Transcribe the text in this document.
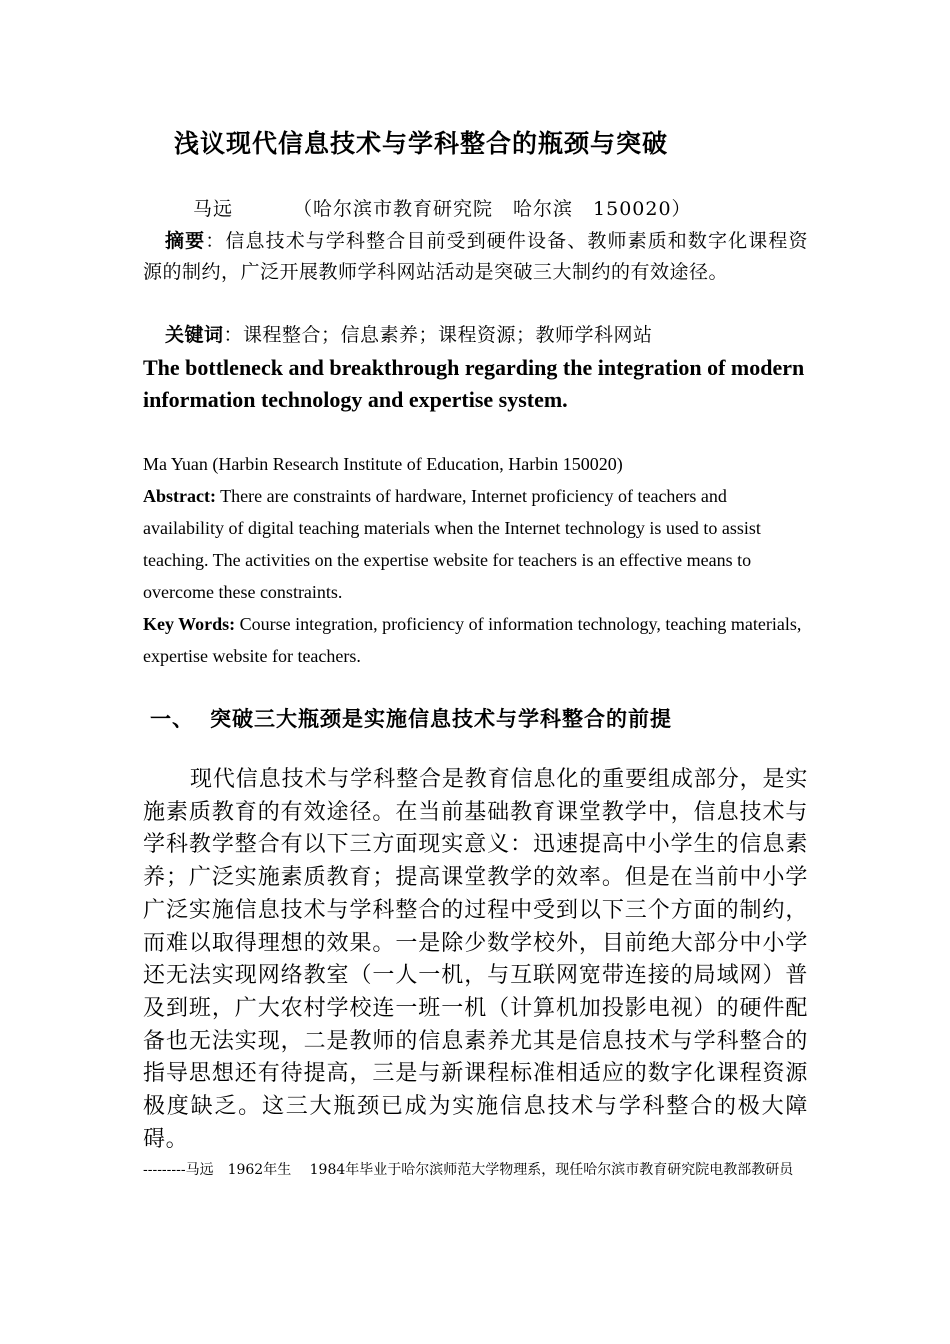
浅议现代信息技术与学科整合的瓶颈与突破
马远	（哈尔滨市教育研究院　哈尔滨　150020）
摘要：信息技术与学科整合目前受到硬件设备、教师素质和数字化课程资源的制约，广泛开展教师学科网站活动是突破三大制约的有效途径。
关键词：课程整合；信息素养；课程资源；教师学科网站
The bottleneck and breakthrough regarding the integration of modern information technology and expertise system.
Ma Yuan (Harbin Research Institute of Education, Harbin 150020)
Abstract: There are constraints of hardware, Internet proficiency of teachers and availability of digital teaching materials when the Internet technology is used to assist teaching. The activities on the expertise website for teachers is an effective means to overcome these constraints.
Key Words: Course integration, proficiency of information technology, teaching materials, expertise website for teachers.
一、 突破三大瓶颈是实施信息技术与学科整合的前提
现代信息技术与学科整合是教育信息化的重要组成部分，是实施素质教育的有效途径。在当前基础教育课堂教学中，信息技术与学科教学整合有以下三方面现实意义：迅速提高中小学生的信息素养；广泛实施素质教育；提高课堂教学的效率。但是在当前中小学广泛实施信息技术与学科整合的过程中受到以下三个方面的制约，而难以取得理想的效果。一是除少数学校外，目前绝大部分中小学还无法实现网络教室（一人一机，与互联网宽带连接的局域网）普及到班，广大农村学校连一班一机（计算机加投影电视）的硬件配备也无法实现，二是教师的信息素养尤其是信息技术与学科整合的指导思想还有待提高，三是与新课程标准相适应的数字化课程资源极度缺乏。这三大瓶颈已成为实施信息技术与学科整合的极大障碍。
---------马远　1962年生　 1984年毕业于哈尔滨师范大学物理系，现任哈尔滨市教育研究院电教部教研员
